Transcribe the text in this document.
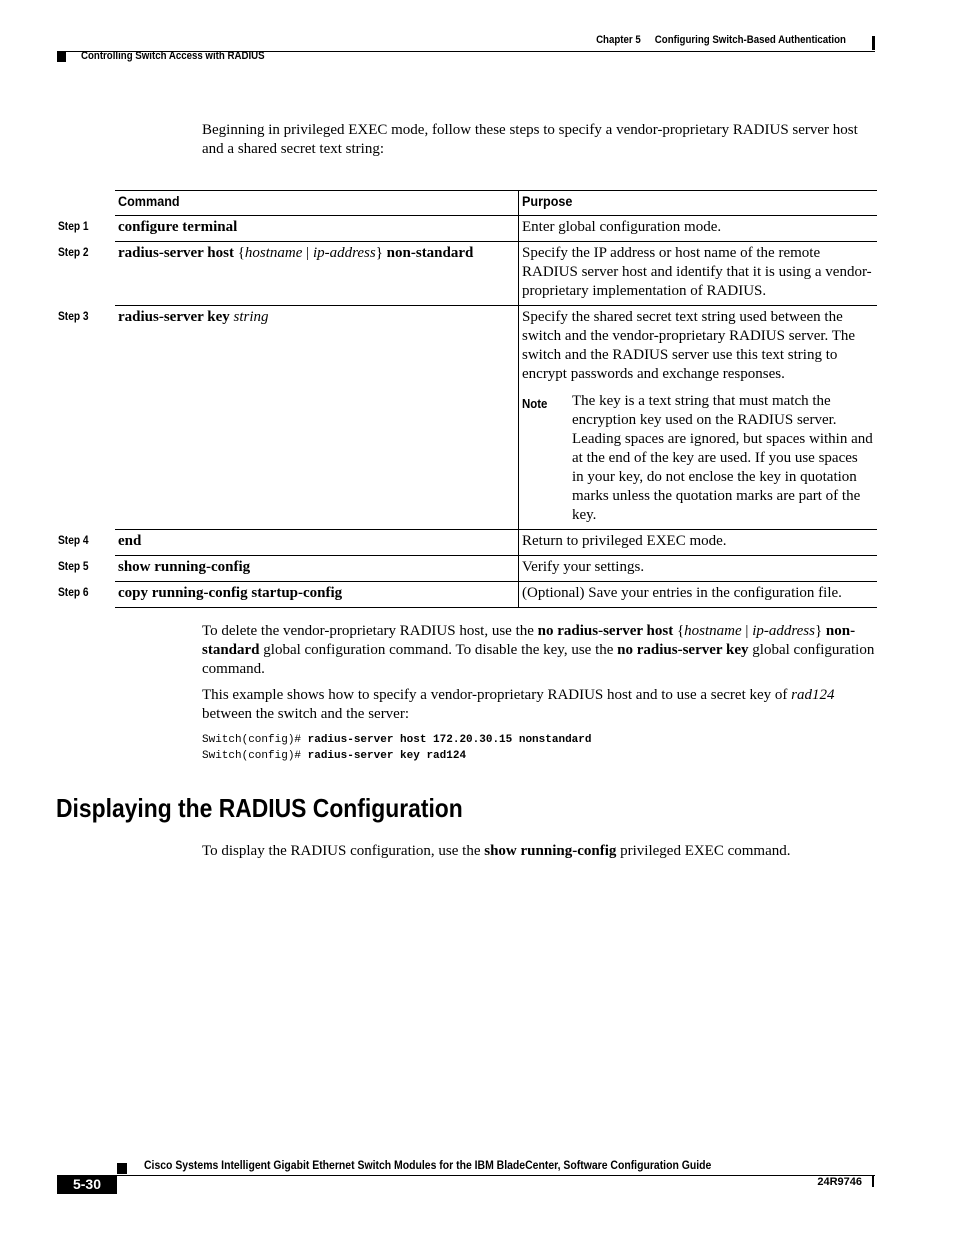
Chapter 5 Configuring Switch-Based Authentication
Controlling Switch Access with RADIUS
Beginning in privileged EXEC mode, follow these steps to specify a vendor-proprietary RADIUS server host and a shared secret text string:
Command	Purpose
Step 1 configure terminal	Enter global configuration mode.
Step 2 radius-server host {hostname | ip-address} non-standard	Specify the IP address or host name of the remote RADIUS server host and identify that it is using a vendor-proprietary implementation of RADIUS.
Step 3 radius-server key string	Specify the shared secret text string used between the switch and the vendor-proprietary RADIUS server. The switch and the RADIUS server use this text string to encrypt passwords and exchange responses.
Note	The key is a text string that must match the encryption key used on the RADIUS server. Leading spaces are ignored, but spaces within and at the end of the key are used. If you use spaces in your key, do not enclose the key in quotation marks unless the quotation marks are part of the key.
Step 4 end	Return to privileged EXEC mode.
Step 5 show running-config	Verify your settings.
Step 6 copy running-config startup-config	(Optional) Save your entries in the configuration file.
To delete the vendor-proprietary RADIUS host, use the no radius-server host {hostname | ip-address} non-standard global configuration command. To disable the key, use the no radius-server key global configuration command.
This example shows how to specify a vendor-proprietary RADIUS host and to use a secret key of rad124 between the switch and the server:
Switch(config)# radius-server host 172.20.30.15 nonstandard
Switch(config)# radius-server key rad124
Displaying the RADIUS Configuration
To display the RADIUS configuration, use the show running-config privileged EXEC command.
Cisco Systems Intelligent Gigabit Ethernet Switch Modules for the IBM BladeCenter, Software Configuration Guide
5-30	24R9746
